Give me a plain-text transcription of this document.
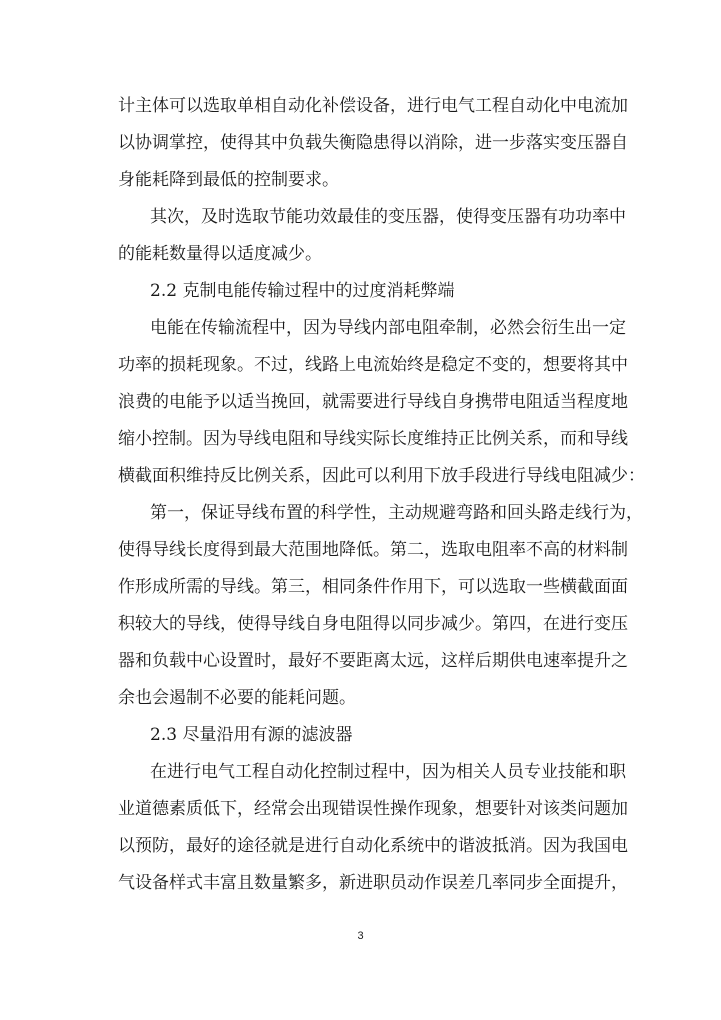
计主体可以选取单相自动化补偿设备，进行电气工程自动化中电流加
以协调掌控，使得其中负载失衡隐患得以消除，进一步落实变压器自
身能耗降到最低的控制要求。
其次，及时选取节能功效最佳的变压器，使得变压器有功功率中
的能耗数量得以适度减少。
2.2 克制电能传输过程中的过度消耗弊端
电能在传输流程中，因为导线内部电阻牵制，必然会衍生出一定
功率的损耗现象。不过，线路上电流始终是稳定不变的，想要将其中
浪费的电能予以适当挽回，就需要进行导线自身携带电阻适当程度地
缩小控制。因为导线电阻和导线实际长度维持正比例关系，而和导线
横截面积维持反比例关系，因此可以利用下放手段进行导线电阻减少：
第一，保证导线布置的科学性，主动规避弯路和回头路走线行为，
使得导线长度得到最大范围地降低。第二，选取电阻率不高的材料制
作形成所需的导线。第三，相同条件作用下，可以选取一些横截面面
积较大的导线，使得导线自身电阻得以同步减少。第四，在进行变压
器和负载中心设置时，最好不要距离太远，这样后期供电速率提升之
余也会遏制不必要的能耗问题。
2.3 尽量沿用有源的滤波器
在进行电气工程自动化控制过程中，因为相关人员专业技能和职
业道德素质低下，经常会出现错误性操作现象，想要针对该类问题加
以预防，最好的途径就是进行自动化系统中的谐波抵消。因为我国电
气设备样式丰富且数量繁多，新进职员动作误差几率同步全面提升，
3
